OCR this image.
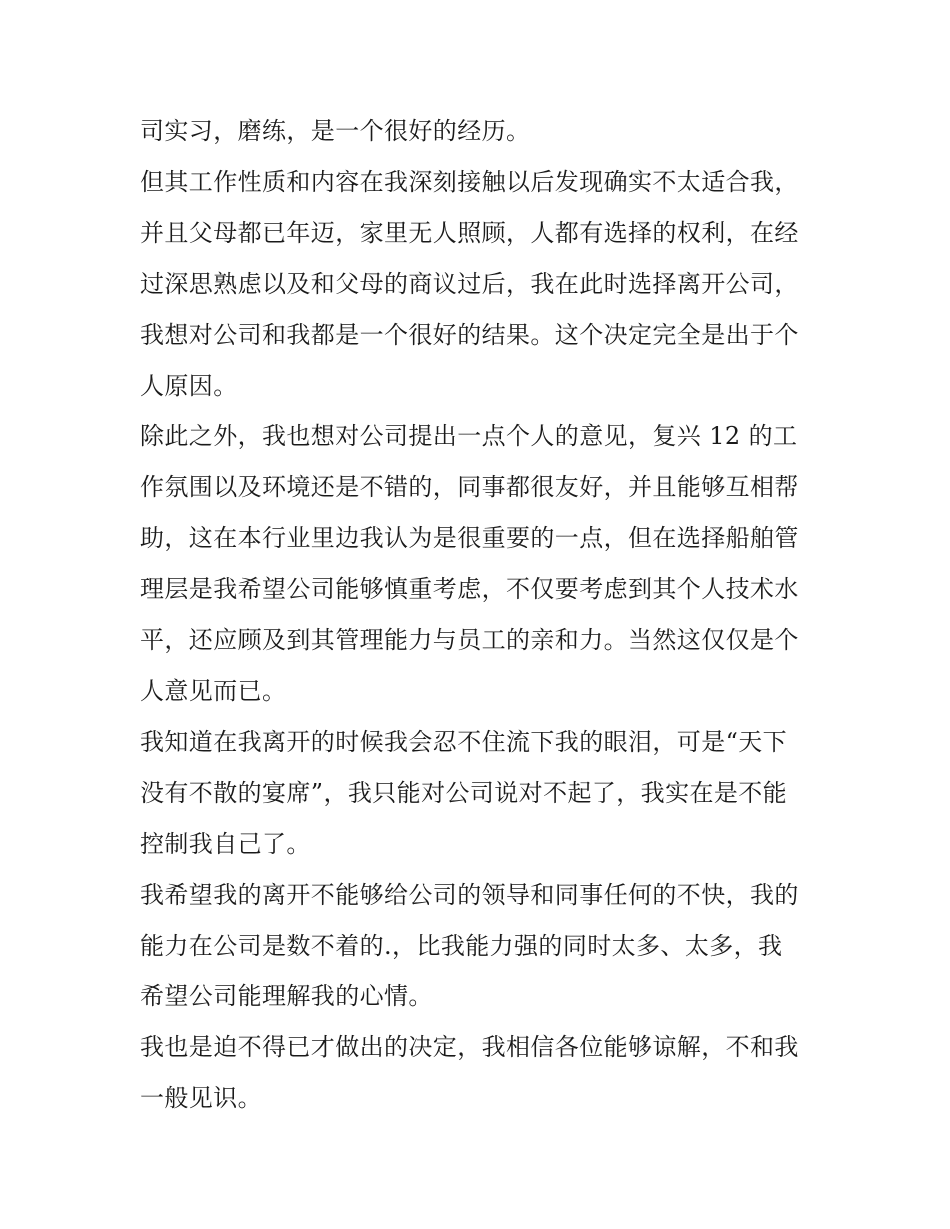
司实习，磨练，是一个很好的经历。

但其工作性质和内容在我深刻接触以后发现确实不太适合我，
并且父母都已年迈，家里无人照顾，人都有选择的权利，在经
过深思熟虑以及和父母的商议过后，我在此时选择离开公司，
我想对公司和我都是一个很好的结果。这个决定完全是出于个
人原因。

除此之外，我也想对公司提出一点个人的意见，复兴 12 的工
作氛围以及环境还是不错的，同事都很友好，并且能够互相帮
助，这在本行业里边我认为是很重要的一点，但在选择船舶管
理层是我希望公司能够慎重考虑，不仅要考虑到其个人技术水
平，还应顾及到其管理能力与员工的亲和力。当然这仅仅是个
人意见而已。

我知道在我离开的时候我会忍不住流下我的眼泪，可是“天下
没有不散的宴席”，我只能对公司说对不起了，我实在是不能
控制我自己了。

我希望我的离开不能够给公司的领导和同事任何的不快，我的
能力在公司是数不着的.，比我能力强的同时太多、太多，我
希望公司能理解我的心情。

我也是迫不得已才做出的决定，我相信各位能够谅解，不和我
一般见识。
